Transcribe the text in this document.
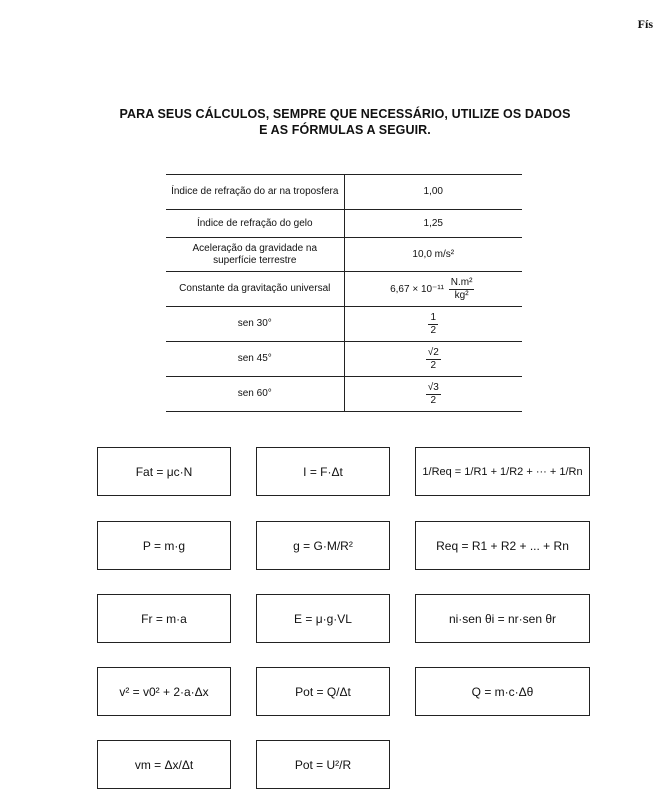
Fís
PARA SEUS CÁLCULOS, SEMPRE QUE NECESSÁRIO, UTILIZE OS DADOS
E AS FÓRMULAS A SEGUIR.
Índice de refração do ar na troposfera	1,00
Índice de refração do gelo	1,25
Aceleração da gravidade na superfície terrestre	10,0 m/s²
Constante da gravitação universal	$6,67 \times 10^{-11} \frac{\text{N.m²}}{\text{kg²}}$

sen 30°	$\frac{1}{2}$

sen 45°	$\frac{√2}{2}$

sen 60°	$\frac{√3}{2}$
Fat = μc·N	I = F·Δt	1/Req = 1/R1 + 1/R2 + ··· + 1/Rn
P = m·g	g = G·M/R²	Req = R1 + R2 + ... + Rn
Fr = m·a	E = μ·g·VL	ni·sen θi = nr·sen θr
v² = v0² + 2·a·Δx	Pot = Q/Δt	Q = m·c·Δθ
vm = Δx/Δt	Pot = U²/R
